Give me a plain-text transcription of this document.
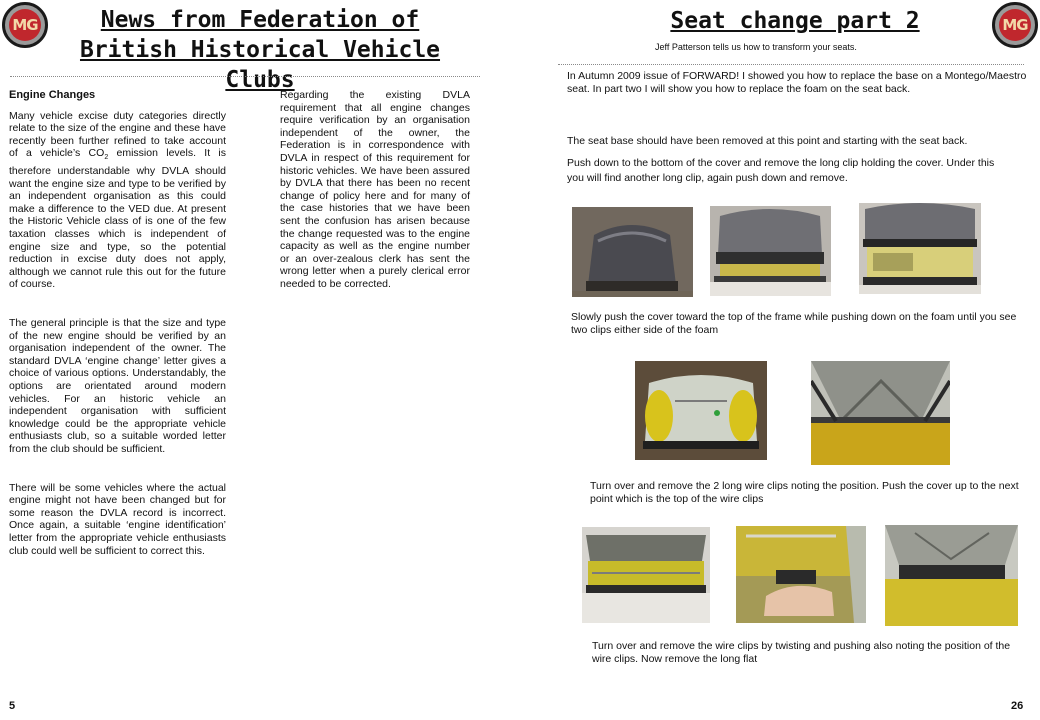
MG	MG
News from Federation of
British Historical Vehicle Clubs
Engine Changes

Many vehicle excise duty categories directly relate to the size of the engine and these have recently been further refined to take account of a vehicle’s $CO_2$ emission levels. It is therefore understandable why DVLA should want the engine size and type to be verified by an independent organisation as this could make a difference to the VED due. At present the Historic Vehicle class of is one of the few taxation classes which is independent of engine size and type, so the potential reduction in excise duty does not apply, although we cannot rule this out for the future of course.

The general principle is that the size and type of the new engine should be verified by an organisation independent of the owner. The standard DVLA ‘engine change’ letter gives a choice of various options. Understandably, the options are orientated around modern vehicles. For an historic vehicle an independent organisation with sufficient knowledge could be the appropriate vehicle enthusiasts club, so a suitable worded letter from the club should be sufficient.

There will be some vehicles where the actual engine might not have been changed but for some reason the DVLA record is incorrect. Once again, a suitable ‘engine identification’ letter from the appropriate vehicle enthusiasts club could well be sufficient to correct this.

Regarding the existing DVLA requirement that all engine changes require verification by an organisation independent of the owner, the Federation is in correspondence with DVLA in respect of this requirement for historic vehicles. We have been assured by DVLA that there has been no recent change of policy here and for many of the case histories that we have been sent the confusion has arisen because the change requested was to the engine capacity as well as the engine number or an over-zealous clerk has sent the wrong letter when a purely clerical error needed to be corrected.

5
Seat change part 2
Jeff Patterson tells us how to transform your seats.
In Autumn 2009 issue of FORWARD! I showed you how to replace the base on a Montego/Maestro seat. In part two I will show you how to replace the foam on the seat back.
The seat base should have been removed at this point and starting with the seat back.
Push down to the bottom of the cover and remove the long clip holding the cover. Under this you will find another long clip, again push down and remove.
Slowly push the cover toward the top of the frame while pushing down on the foam until you see two clips either side of the foam
Turn over and remove the 2 long wire clips noting the position. Push the cover up to the next point which is the top of the wire clips
Turn over and remove the wire clips by twisting and pushing also noting the position of the wire clips. Now remove the long flat
26
